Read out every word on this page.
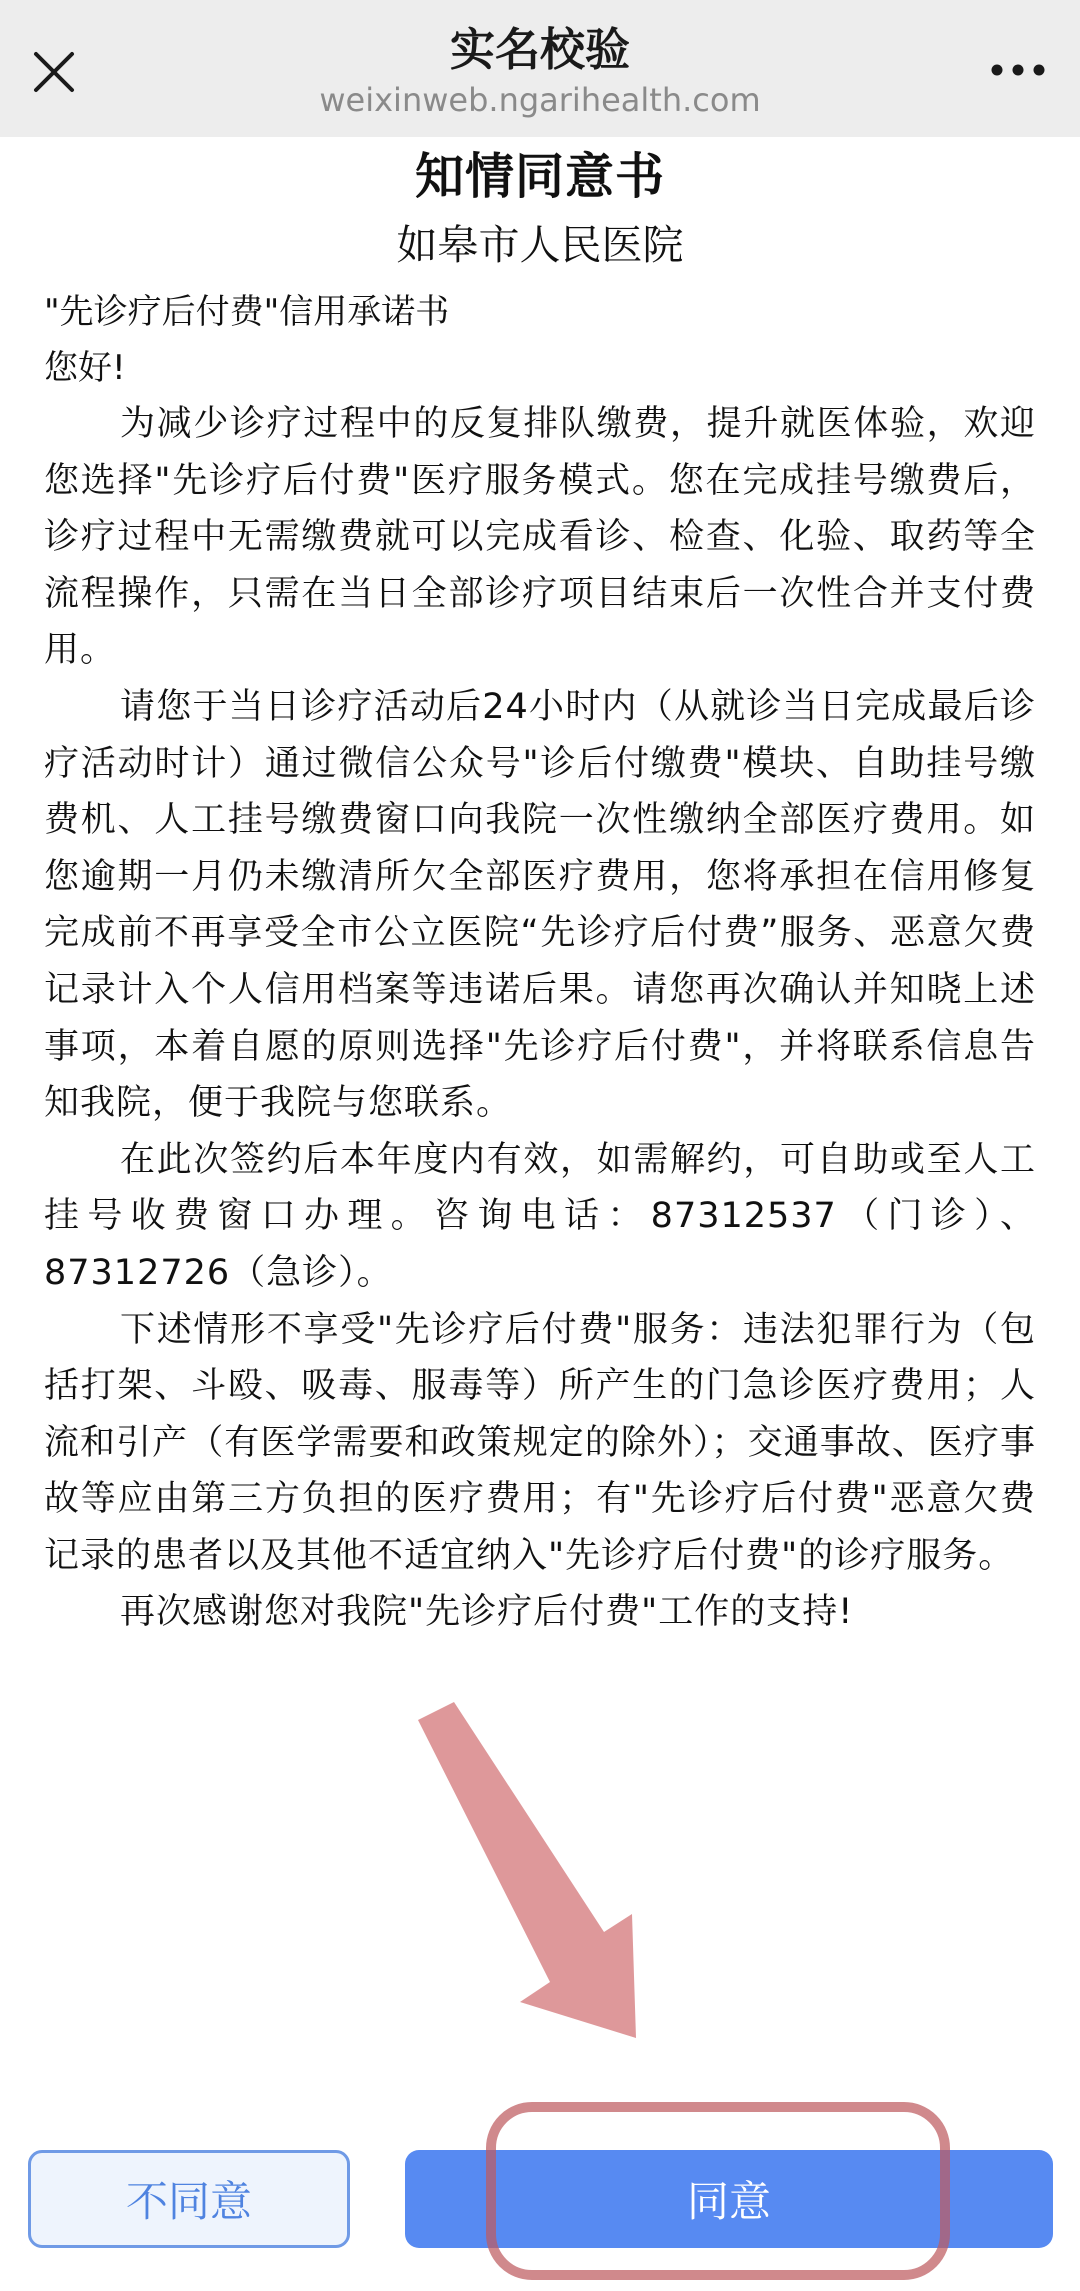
实名校验
weixinweb.ngarihealth.com
知情同意书
如皋市人民医院
"先诊疗后付费"信用承诺书
您好!

为减少诊疗过程中的反复排队缴费，提升就医体验，欢迎您选择"先诊疗后付费"医疗服务模式。您在完成挂号缴费后，诊疗过程中无需缴费就可以完成看诊、检查、化验、取药等全流程操作，只需在当日全部诊疗项目结束后一次性合并支付费用。

请您于当日诊疗活动后24小时内（从就诊当日完成最后诊疗活动时计）通过微信公众号"诊后付缴费"模块、自助挂号缴费机、人工挂号缴费窗口向我院一次性缴纳全部医疗费用。如您逾期一月仍未缴清所欠全部医疗费用，您将承担在信用修复完成前不再享受全市公立医院“先诊疗后付费”服务、恶意欠费记录计入个人信用档案等违诺后果。请您再次确认并知晓上述事项，本着自愿的原则选择"先诊疗后付费"，并将联系信息告知我院，便于我院与您联系。

在此次签约后本年度内有效，如需解约，可自助或至人工挂号收费窗口办理。咨询电话：87312537（门诊）、87312726（急诊）。

下述情形不享受"先诊疗后付费"服务：违法犯罪行为（包括打架、斗殴、吸毒、服毒等）所产生的门急诊医疗费用；人流和引产（有医学需要和政策规定的除外）；交通事故、医疗事故等应由第三方负担的医疗费用；有"先诊疗后付费"恶意欠费记录的患者以及其他不适宜纳入"先诊疗后付费"的诊疗服务。

再次感谢您对我院"先诊疗后付费"工作的支持!

不同意	同意
